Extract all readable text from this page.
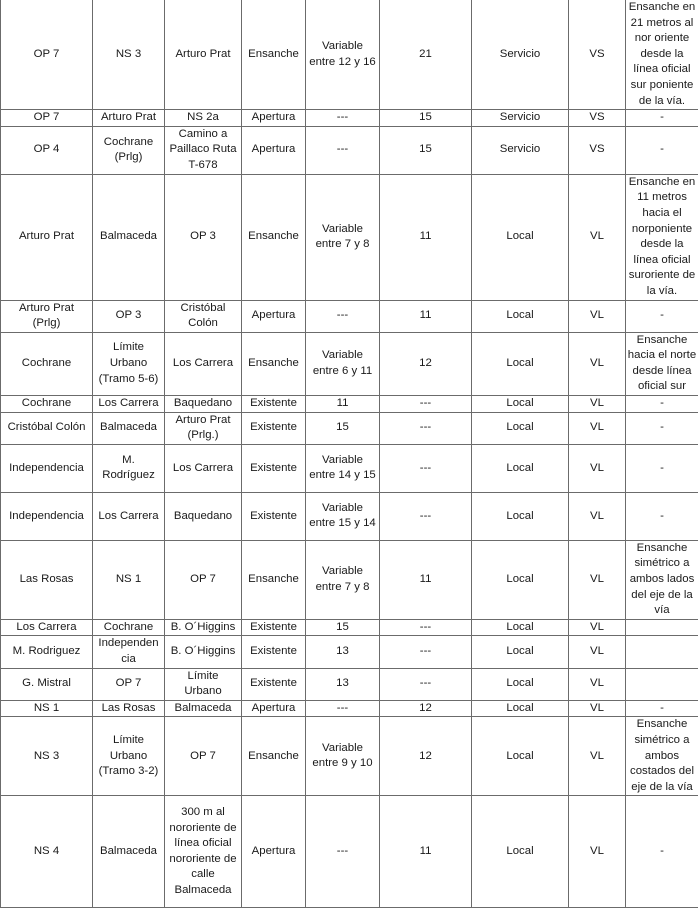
OP 7	NS 3	Arturo Prat	Ensanche	Variable entre 12 y 16	21	Servicio	VS	Ensanche en 21 metros al nor oriente desde la línea oficial sur poniente de la vía.
OP 7	Arturo Prat	NS 2a	Apertura	---	15	Servicio	VS	-
OP 4	Cochrane (Prlg)	Camino a Paillaco Ruta T-678	Apertura	---	15	Servicio	VS	-
Arturo Prat	Balmaceda	OP 3	Ensanche	Variable entre 7 y 8	11	Local	VL	Ensanche en 11 metros hacia el norponiente desde la línea oficial suroriente de la vía.
Arturo Prat (Prlg)	OP 3	Cristóbal Colón	Apertura	---	11	Local	VL	-
Cochrane	Límite Urbano (Tramo 5-6)	Los Carrera	Ensanche	Variable entre 6 y 11	12	Local	VL	Ensanche hacia el norte desde línea oficial sur
Cochrane	Los Carrera	Baquedano	Existente	11	---	Local	VL	-
Cristóbal Colón	Balmaceda	Arturo Prat (Prlg.)	Existente	15	---	Local	VL	-
Independencia	M. Rodríguez	Los Carrera	Existente	Variable entre 14 y 15	---	Local	VL	-
Independencia	Los Carrera	Baquedano	Existente	Variable entre 15 y 14	---	Local	VL	-
Las Rosas	NS 1	OP 7	Ensanche	Variable entre 7 y 8	11	Local	VL	Ensanche simétrico a ambos lados del eje de la vía
Los Carrera	Cochrane	B. O´Higgins	Existente	15	---	Local	VL	
M. Rodriguez	Independencia	B. O´Higgins	Existente	13	---	Local	VL	
G. Mistral	OP 7	Límite Urbano	Existente	13	---	Local	VL	
NS 1	Las Rosas	Balmaceda	Apertura	---	12	Local	VL	-
NS 3	Límite Urbano (Tramo 3-2)	OP 7	Ensanche	Variable entre 9 y 10	12	Local	VL	Ensanche simétrico a ambos costados del eje de la vía
NS 4	Balmaceda	300 m al nororiente de línea oficial nororiente de calle Balmaceda	Apertura	---	11	Local	VL	-
